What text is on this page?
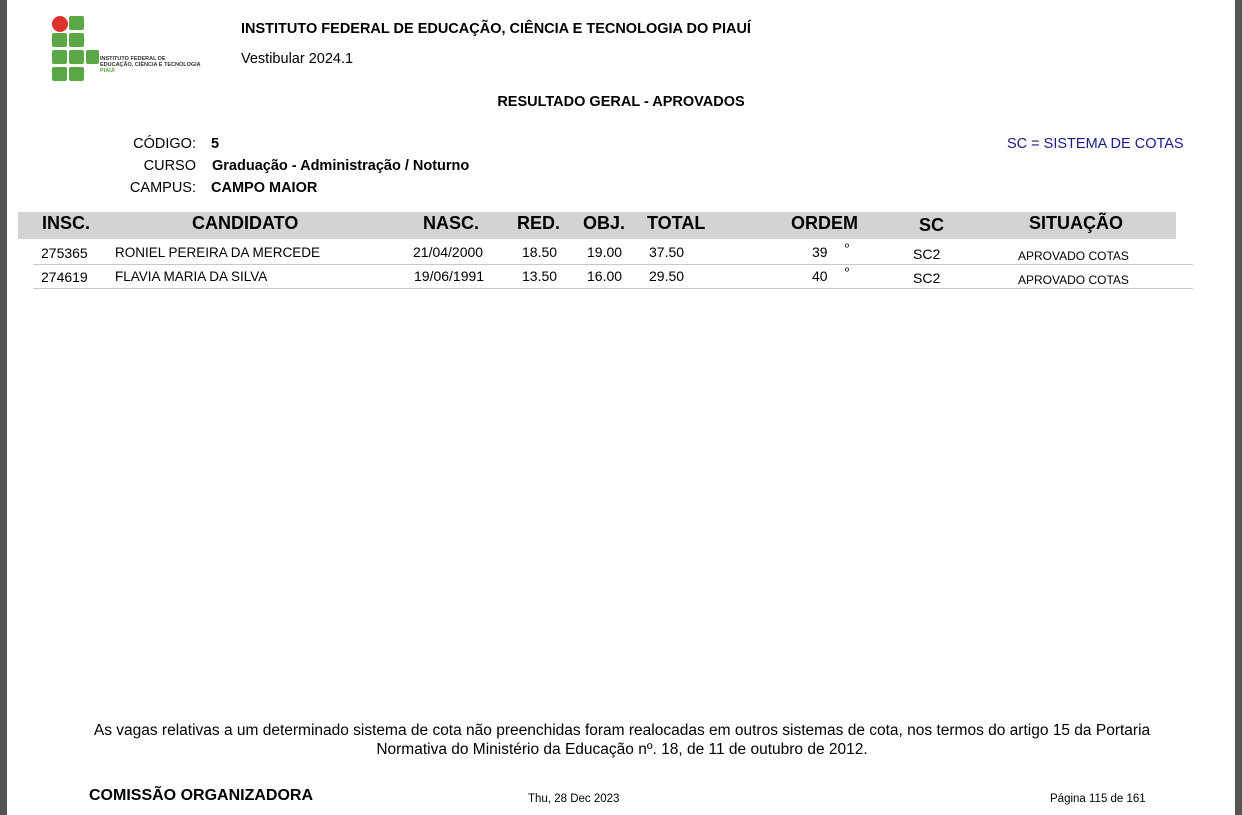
INSTITUTO FEDERAL DE
EDUCAÇÃO, CIÊNCIA E TECNOLOGIA
PIAUÍ
INSTITUTO FEDERAL DE EDUCAÇÃO, CIÊNCIA E TECNOLOGIA DO PIAUÍ
Vestibular 2024.1
RESULTADO GERAL - APROVADOS
CÓDIGO: 5
CURSO Graduação - Administração / Noturno
CAMPUS: CAMPO MAIOR
SC = SISTEMA DE COTAS
INSC.	CANDIDATO	NASC. RED. OBJ. TOTAL	ORDEM	SC	SITUAÇÃO
275365 RONIEL PEREIRA DA MERCEDE	21/04/2000	18.50 19.00 37.50	39 º	SC2	APROVADO COTAS
274619 FLAVIA MARIA DA SILVA	19/06/1991	13.50 16.00 29.50	40 º	SC2	APROVADO COTAS
As vagas relativas a um determinado sistema de cota não preenchidas foram realocadas em outros sistemas de cota, nos termos do artigo 15 da Portaria
Normativa do Ministério da Educação nº. 18, de 11 de outubro de 2012.
COMISSÃO ORGANIZADORA	Thu, 28 Dec 2023	Página 115 de 161
